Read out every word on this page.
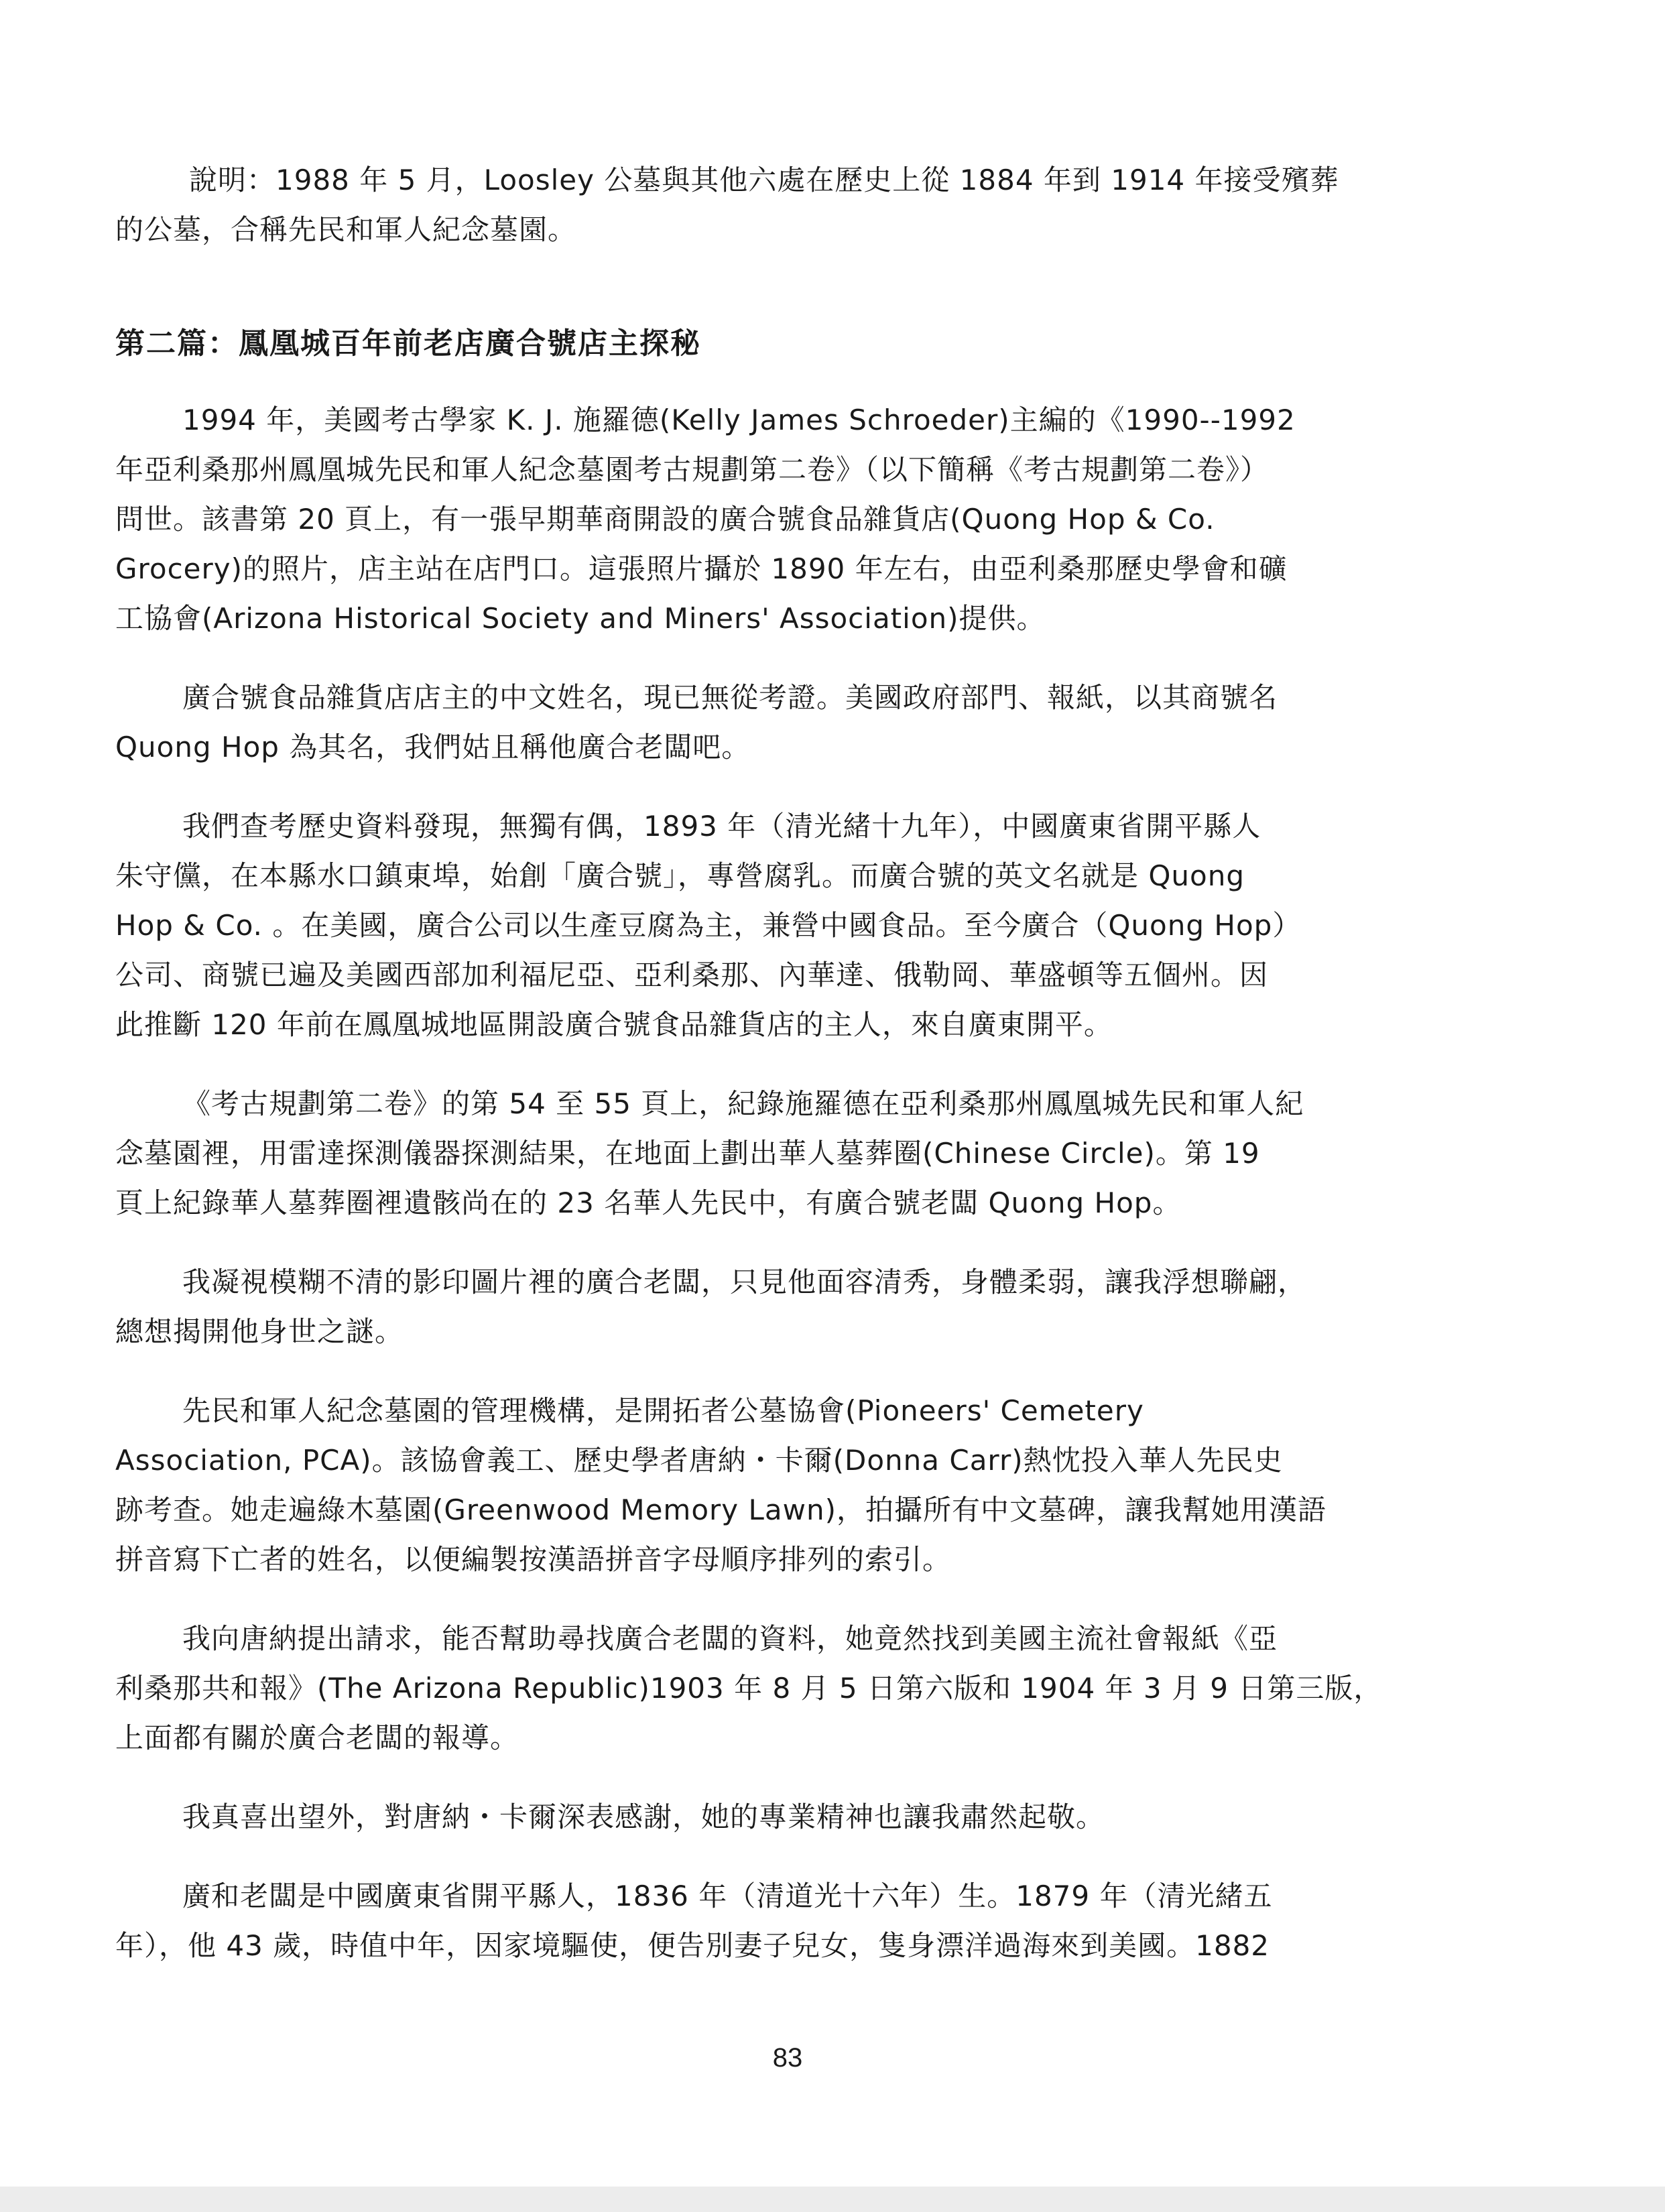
說明：1988 年 5 月，Loosley 公墓與其他六處在歷史上從 1884 年到 1914 年接受殯葬
的公墓，合稱先民和軍人紀念墓園。

第二篇：鳳凰城百年前老店廣合號店主探秘

1994 年，美國考古學家 K. J. 施羅德(Kelly James Schroeder)主編的《1990--1992
年亞利桑那州鳳凰城先民和軍人紀念墓園考古規劃第二卷》（以下簡稱《考古規劃第二卷》）
問世。該書第 20 頁上，有一張早期華商開設的廣合號食品雜貨店(Quong Hop & Co.
Grocery)的照片，店主站在店門口。這張照片攝於 1890 年左右，由亞利桑那歷史學會和礦
工協會(Arizona Historical Society and Miners' Association)提供。

廣合號食品雜貨店店主的中文姓名，現已無從考證。美國政府部門、報紙，以其商號名
Quong Hop 為其名，我們姑且稱他廣合老闆吧。

我們查考歷史資料發現，無獨有偶，1893 年（清光緒十九年），中國廣東省開平縣人
朱守儻，在本縣水口鎮東埠，始創「廣合號」，專營腐乳。而廣合號的英文名就是 Quong
Hop & Co. 。在美國，廣合公司以生產豆腐為主，兼營中國食品。至今廣合（Quong Hop）
公司、商號已遍及美國西部加利福尼亞、亞利桑那、內華達、俄勒岡、華盛頓等五個州。因
此推斷 120 年前在鳳凰城地區開設廣合號食品雜貨店的主人，來自廣東開平。

《考古規劃第二卷》的第 54 至 55 頁上，紀錄施羅德在亞利桑那州鳳凰城先民和軍人紀
念墓園裡，用雷達探測儀器探測結果，在地面上劃出華人墓葬圈(Chinese Circle)。第 19
頁上紀錄華人墓葬圈裡遺骸尚在的 23 名華人先民中，有廣合號老闆 Quong Hop。

我凝視模糊不清的影印圖片裡的廣合老闆，只見他面容清秀，身體柔弱，讓我浮想聯翩，
總想揭開他身世之謎。

先民和軍人紀念墓園的管理機構，是開拓者公墓協會(Pioneers' Cemetery
Association, PCA)。該協會義工、歷史學者唐納・卡爾(Donna Carr)熱忱投入華人先民史
跡考查。她走遍綠木墓園(Greenwood Memory Lawn)，拍攝所有中文墓碑，讓我幫她用漢語
拼音寫下亡者的姓名，以便編製按漢語拼音字母順序排列的索引。

我向唐納提出請求，能否幫助尋找廣合老闆的資料，她竟然找到美國主流社會報紙《亞
利桑那共和報》(The Arizona Republic)1903 年 8 月 5 日第六版和 1904 年 3 月 9 日第三版，
上面都有關於廣合老闆的報導。

我真喜出望外，對唐納・卡爾深表感謝，她的專業精神也讓我肅然起敬。

廣和老闆是中國廣東省開平縣人，1836 年（清道光十六年）生。1879 年（清光緒五
年），他 43 歲，時值中年，因家境驅使，便告別妻子兒女，隻身漂洋過海來到美國。1882

83
